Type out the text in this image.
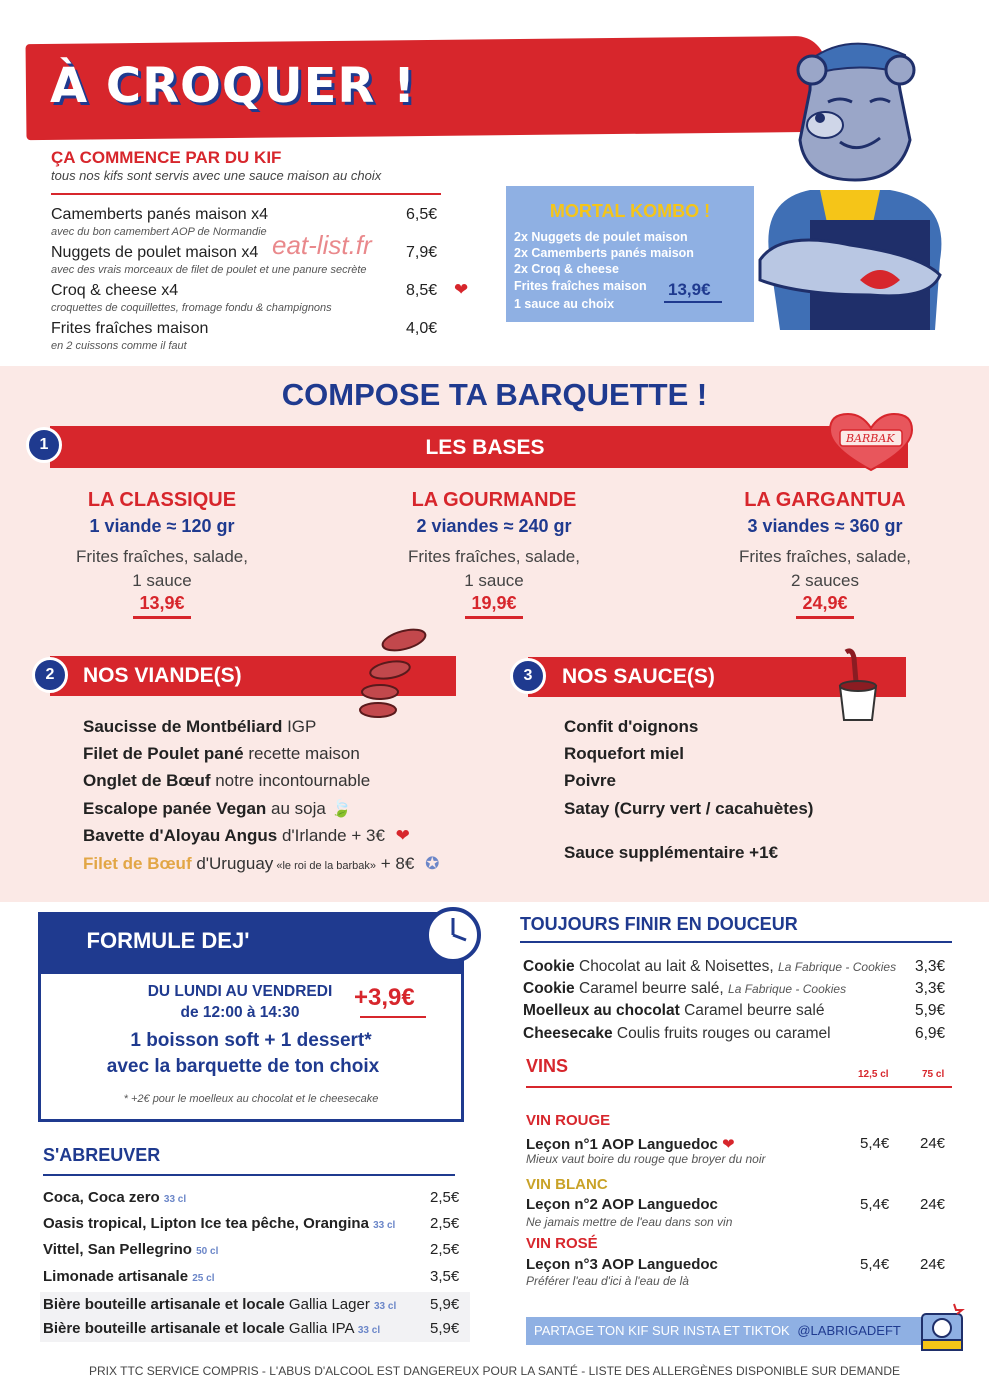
À CROQUER !
ÇA COMMENCE PAR DU KIF
tous nos kifs sont servis avec une sauce maison au choix
Camemberts panés maison x4
avec du bon camembert AOP de Normandie
6,5€
Nuggets de poulet maison x4
avec des vrais morceaux de filet de poulet et une panure secrète
7,9€
eat-list.fr
Croq & cheese x4
croquettes de coquillettes, fromage fondu & champignons
8,5€ ❤
Frites fraîches maison
en 2 cuissons comme il faut
4,0€
MORTAL KOMBO !
2x Nuggets de poulet maison
2x Camemberts panés maison
2x Croq & cheese
Frites fraîches maison
1 sauce au choix
13,9€
COMPOSE TA BARQUETTE !
1	LES BASES	BARBAK
LA CLASSIQUE
1 viande ≈ 120 gr
Frites fraîches, salade,
1 sauce
13,9€
LA GOURMANDE
2 viandes ≈ 240 gr
Frites fraîches, salade,
1 sauce
19,9€
LA GARGANTUA
3 viandes ≈ 360 gr
Frites fraîches, salade,
2 sauces
24,9€
2	NOS VIANDE(S)
Saucisse de Montbéliard IGP
Filet de Poulet pané recette maison
Onglet de Bœuf notre incontournable
Escalope panée Vegan au soja 🍃
Bavette d'Aloyau Angus d'Irlande + 3€ ❤
Filet de Bœuf d'Uruguay «le roi de la barbak» + 8€ ✪
3	NOS SAUCE(S)
Confit d'oignons
Roquefort miel
Poivre
Satay (Curry vert / cacahuètes)
Sauce supplémentaire +1€
FORMULE DEJ'
DU LUNDI AU VENDREDI
de 12:00 à 14:30
+3,9€
1 boisson soft + 1 dessert*
avec la barquette de ton choix
* +2€ pour le moelleux au chocolat et le cheesecake
S'ABREUVER
Coca, Coca zero 33 cl	2,5€
Oasis tropical, Lipton Ice tea pêche, Orangina 33 cl 2,5€
Vittel, San Pellegrino 50 cl	2,5€
Limonade artisanale 25 cl	3,5€
Bière bouteille artisanale et locale Gallia Lager 33 cl 5,9€
Bière bouteille artisanale et locale Gallia IPA 33 cl	5,9€
TOUJOURS FINIR EN DOUCEUR
Cookie Chocolat au lait & Noisettes, La Fabrique - Cookies 3,3€
Cookie Caramel beurre salé, La Fabrique - Cookies	3,3€
Moelleux au chocolat Caramel beurre salé	5,9€
Cheesecake Coulis fruits rouges ou caramel	6,9€
VINS	12,5 cl	75 cl
VIN ROUGE
Leçon n°1 AOP Languedoc ❤
Mieux vaut boire du rouge que broyer du noir
5,4€ 24€
VIN BLANC
Leçon n°2 AOP Languedoc
Ne jamais mettre de l'eau dans son vin
5,4€ 24€
VIN ROSÉ
Leçon n°3 AOP Languedoc
Préférer l'eau d'ici à l'eau de là
5,4€ 24€
PARTAGE TON KIF SUR INSTA ET TIKTOK @LABRIGADEFT
PRIX TTC SERVICE COMPRIS - L'ABUS D'ALCOOL EST DANGEREUX POUR LA SANTÉ - LISTE DES ALLERGÈNES DISPONIBLE SUR DEMANDE
